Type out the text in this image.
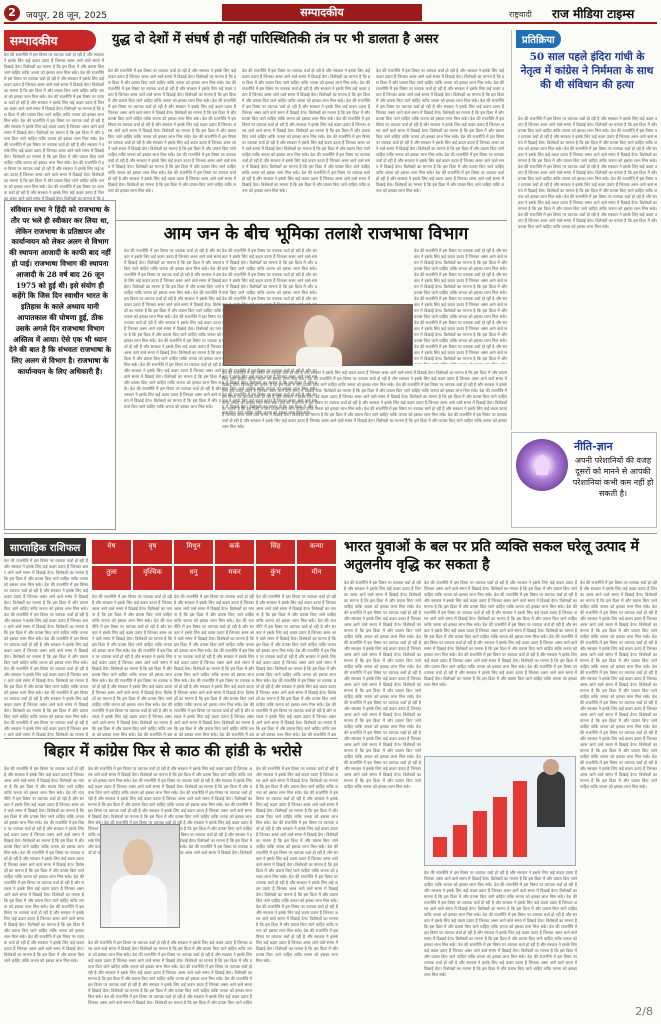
2	जयपुर, 28 जून, 2025	सम्पादकीय	राष्ट्रवादी राज मीडिया टाइम्स
सम्पादकीय
देश की राजनीति में इस विषय पर व्यापक चर्चा हो रही है और सरकार ने इसके लिए कई कदम उठाए हैं जिनका असर आने वाले समय में दिखाई देगा। विशेषज्ञों का मानना है कि इस दिशा में और प्रयास किए जाने चाहिए ताकि जनता को इसका लाभ मिल सके। देश की राजनीति में इस विषय पर व्यापक चर्चा हो रही है और सरकार ने इसके लिए कई कदम उठाए हैं जिनका असर आने वाले समय में दिखाई देगा। विशेषज्ञों का मानना है कि इस दिशा में और प्रयास किए जाने चाहिए ताकि जनता को इसका लाभ मिल सके। देश की राजनीति में इस विषय पर व्यापक चर्चा हो रही है और सरकार ने इसके लिए कई कदम उठाए हैं जिनका असर आने वाले समय में दिखाई देगा। विशेषज्ञों का मानना है कि इस दिशा में और प्रयास किए जाने चाहिए ताकि जनता को इसका लाभ मिल सके। देश की राजनीति में इस विषय पर व्यापक चर्चा हो रही है और सरकार ने इसके लिए कई कदम उठाए हैं जिनका असर आने वाले समय में दिखाई देगा। विशेषज्ञों का मानना है कि इस दिशा में और प्रयास किए जाने चाहिए ताकि जनता को इसका लाभ मिल सके। देश की राजनीति में इस विषय पर व्यापक चर्चा हो रही है और सरकार ने इसके लिए कई कदम उठाए हैं जिनका असर आने वाले समय में दिखाई देगा। विशेषज्ञों का मानना है कि इस दिशा में और प्रयास किए जाने चाहिए ताकि जनता को इसका लाभ मिल सके। देश की राजनीति में इस विषय पर व्यापक चर्चा हो रही है और सरकार ने इसके लिए कई कदम उठाए हैं जिनका असर आने वाले समय में दिखाई देगा। विशेषज्ञों का मानना है कि इस दिशा में और प्रयास किए जाने चाहिए ताकि जनता को इसका लाभ मिल सके। देश की राजनीति में इस विषय पर व्यापक चर्चा हो रही है और सरकार ने इसके लिए कई कदम उठाए हैं जिनका असर आने वाले समय में दिखाई देगा। विशेषज्ञों का मानना है कि इस दिशा में और प्रयास किए जाने चाहिए ताकि जनता को इसका लाभ मिल सके।	युद्ध दो देशों में संघर्ष ही नहीं पारिस्थितिकी तंत्र पर भी डालता है असर
देश की राजनीति में इस विषय पर व्यापक चर्चा हो रही है और सरकार ने इसके लिए कई कदम उठाए हैं जिनका असर आने वाले समय में दिखाई देगा। विशेषज्ञों का मानना है कि इस दिशा में और प्रयास किए जाने चाहिए ताकि जनता को इसका लाभ मिल सके। देश की राजनीति में इस विषय पर व्यापक चर्चा हो रही है और सरकार ने इसके लिए कई कदम उठाए हैं जिनका असर आने वाले समय में दिखाई देगा। विशेषज्ञों का मानना है कि इस दिशा में और प्रयास किए जाने चाहिए ताकि जनता को इसका लाभ मिल सके। देश की राजनीति में इस विषय पर व्यापक चर्चा हो रही है और सरकार ने इसके लिए कई कदम उठाए हैं जिनका असर आने वाले समय में दिखाई देगा। विशेषज्ञों का मानना है कि इस दिशा में और प्रयास किए जाने चाहिए ताकि जनता को इसका लाभ मिल सके। देश की राजनीति में इस विषय पर व्यापक चर्चा हो रही है और सरकार ने इसके लिए कई कदम उठाए हैं जिनका असर आने वाले समय में दिखाई देगा। विशेषज्ञों का मानना है कि इस दिशा में और प्रयास किए जाने चाहिए ताकि जनता को इसका लाभ मिल सके। देश की राजनीति में इस विषय पर व्यापक चर्चा हो रही है और सरकार ने इसके लिए कई कदम उठाए हैं जिनका असर आने वाले समय में दिखाई देगा। विशेषज्ञों का मानना है कि इस दिशा में और प्रयास किए जाने चाहिए ताकि जनता को इसका लाभ मिल सके। देश की राजनीति में इस विषय पर व्यापक चर्चा हो रही है और सरकार ने इसके लिए कई कदम उठाए हैं जिनका असर आने वाले समय में दिखाई देगा। विशेषज्ञों का मानना है कि इस दिशा में और प्रयास किए जाने चाहिए ताकि जनता को इसका लाभ मिल सके। देश की राजनीति में इस विषय पर व्यापक चर्चा हो रही है और सरकार ने इसके लिए कई कदम उठाए हैं जिनका असर आने वाले समय में दिखाई देगा। विशेषज्ञों का मानना है कि इस दिशा में और प्रयास किए जाने चाहिए ताकि जनता को इसका लाभ मिल सके।
देश की राजनीति में इस विषय पर व्यापक चर्चा हो रही है और सरकार ने इसके लिए कई कदम उठाए हैं जिनका असर आने वाले समय में दिखाई देगा। विशेषज्ञों का मानना है कि इस दिशा में और प्रयास किए जाने चाहिए ताकि जनता को इसका लाभ मिल सके। देश की राजनीति में इस विषय पर व्यापक चर्चा हो रही है और सरकार ने इसके लिए कई कदम उठाए हैं जिनका असर आने वाले समय में दिखाई देगा। विशेषज्ञों का मानना है कि इस दिशा में और प्रयास किए जाने चाहिए ताकि जनता को इसका लाभ मिल सके। देश की राजनीति में इस विषय पर व्यापक चर्चा हो रही है और सरकार ने इसके लिए कई कदम उठाए हैं जिनका असर आने वाले समय में दिखाई देगा। विशेषज्ञों का मानना है कि इस दिशा में और प्रयास किए जाने चाहिए ताकि जनता को इसका लाभ मिल सके। देश की राजनीति में इस विषय पर व्यापक चर्चा हो रही है और सरकार ने इसके लिए कई कदम उठाए हैं जिनका असर आने वाले समय में दिखाई देगा। विशेषज्ञों का मानना है कि इस दिशा में और प्रयास किए जाने चाहिए ताकि जनता को इसका लाभ मिल सके। देश की राजनीति में इस विषय पर व्यापक चर्चा हो रही है और सरकार ने इसके लिए कई कदम उठाए हैं जिनका असर आने वाले समय में दिखाई देगा। विशेषज्ञों का मानना है कि इस दिशा में और प्रयास किए जाने चाहिए ताकि जनता को इसका लाभ मिल सके। देश की राजनीति में इस विषय पर व्यापक चर्चा हो रही है और सरकार ने इसके लिए कई कदम उठाए हैं जिनका असर आने वाले समय में दिखाई देगा। विशेषज्ञों का मानना है कि इस दिशा में और प्रयास किए जाने चाहिए ताकि जनता को इसका लाभ मिल सके। देश की राजनीति में इस विषय पर व्यापक चर्चा हो रही है और सरकार ने इसके लिए कई कदम उठाए हैं जिनका असर आने वाले समय में दिखाई देगा। विशेषज्ञों का मानना है कि इस दिशा में और प्रयास किए जाने चाहिए ताकि जनता को इसका लाभ मिल सके।
देश की राजनीति में इस विषय पर व्यापक चर्चा हो रही है और सरकार ने इसके लिए कई कदम उठाए हैं जिनका असर आने वाले समय में दिखाई देगा। विशेषज्ञों का मानना है कि इस दिशा में और प्रयास किए जाने चाहिए ताकि जनता को इसका लाभ मिल सके। देश की राजनीति में इस विषय पर व्यापक चर्चा हो रही है और सरकार ने इसके लिए कई कदम उठाए हैं जिनका असर आने वाले समय में दिखाई देगा। विशेषज्ञों का मानना है कि इस दिशा में और प्रयास किए जाने चाहिए ताकि जनता को इसका लाभ मिल सके। देश की राजनीति में इस विषय पर व्यापक चर्चा हो रही है और सरकार ने इसके लिए कई कदम उठाए हैं जिनका असर आने वाले समय में दिखाई देगा। विशेषज्ञों का मानना है कि इस दिशा में और प्रयास किए जाने चाहिए ताकि जनता को इसका लाभ मिल सके। देश की राजनीति में इस विषय पर व्यापक चर्चा हो रही है और सरकार ने इसके लिए कई कदम उठाए हैं जिनका असर आने वाले समय में दिखाई देगा। विशेषज्ञों का मानना है कि इस दिशा में और प्रयास किए जाने चाहिए ताकि जनता को इसका लाभ मिल सके। देश की राजनीति में इस विषय पर व्यापक चर्चा हो रही है और सरकार ने इसके लिए कई कदम उठाए हैं जिनका असर आने वाले समय में दिखाई देगा। विशेषज्ञों का मानना है कि इस दिशा में और प्रयास किए जाने चाहिए ताकि जनता को इसका लाभ मिल सके। देश की राजनीति में इस विषय पर व्यापक चर्चा हो रही है और सरकार ने इसके लिए कई कदम उठाए हैं जिनका असर आने वाले समय में दिखाई देगा। विशेषज्ञों का मानना है कि इस दिशा में और प्रयास किए जाने चाहिए ताकि जनता को इसका लाभ मिल सके। देश की राजनीति में इस विषय पर व्यापक चर्चा हो रही है और सरकार ने इसके लिए कई कदम उठाए हैं जिनका असर आने वाले समय में दिखाई देगा। विशेषज्ञों का मानना है कि इस दिशा में और प्रयास किए जाने चाहिए ताकि जनता को इसका लाभ मिल सके।	प्रतिक्रिया
50 साल पहले इंदिरा गांधी के नेतृत्व में कांग्रेस ने निर्ममता के साथ की थी संविधान की हत्या
देश की राजनीति में इस विषय पर व्यापक चर्चा हो रही है और सरकार ने इसके लिए कई कदम उठाए हैं जिनका असर आने वाले समय में दिखाई देगा। विशेषज्ञों का मानना है कि इस दिशा में और प्रयास किए जाने चाहिए ताकि जनता को इसका लाभ मिल सके। देश की राजनीति में इस विषय पर व्यापक चर्चा हो रही है और सरकार ने इसके लिए कई कदम उठाए हैं जिनका असर आने वाले समय में दिखाई देगा। विशेषज्ञों का मानना है कि इस दिशा में और प्रयास किए जाने चाहिए ताकि जनता को इसका लाभ मिल सके। देश की राजनीति में इस विषय पर व्यापक चर्चा हो रही है और सरकार ने इसके लिए कई कदम उठाए हैं जिनका असर आने वाले समय में दिखाई देगा। विशेषज्ञों का मानना है कि इस दिशा में और प्रयास किए जाने चाहिए ताकि जनता को इसका लाभ मिल सके। देश की राजनीति में इस विषय पर व्यापक चर्चा हो रही है और सरकार ने इसके लिए कई कदम उठाए हैं जिनका असर आने वाले समय में दिखाई देगा। विशेषज्ञों का मानना है कि इस दिशा में और प्रयास किए जाने चाहिए ताकि जनता को इसका लाभ मिल सके। देश की राजनीति में इस विषय पर व्यापक चर्चा हो रही है और सरकार ने इसके लिए कई कदम उठाए हैं जिनका असर आने वाले समय में दिखाई देगा। विशेषज्ञों का मानना है कि इस दिशा में और प्रयास किए जाने चाहिए ताकि जनता को इसका लाभ मिल सके। देश की राजनीति में इस विषय पर व्यापक चर्चा हो रही है और सरकार ने इसके लिए कई कदम उठाए हैं जिनका असर आने वाले समय में दिखाई देगा। विशेषज्ञों का मानना है कि इस दिशा में और प्रयास किए जाने चाहिए ताकि जनता को इसका लाभ मिल सके। देश की राजनीति में इस विषय पर व्यापक चर्चा हो रही है और सरकार ने इसके लिए कई कदम उठाए हैं जिनका असर आने वाले समय में दिखाई देगा। विशेषज्ञों का मानना है कि इस दिशा में और प्रयास किए जाने चाहिए ताकि जनता को इसका लाभ मिल सके।
संविधान सभा ने हिंदी को राजभाषा के तौर पर भले ही स्वीकार कर लिया था, लेकिन राजभाषा के प्रतिष्ठापन और कार्यान्वयन को लेकर अलग से विभाग की स्थापना आजादी के काफी बाद नहीं हो पाई। राजभाषा विभाग की स्थापना आजादी के 28 वर्ष बाद 26 जून 1975 को हुई थी। इसे संयोग ही कहेंगे कि जिस दिन स्वाधीन भारत के इतिहास के काले अध्याय यानी आपातकाल की घोषणा हुई, ठीक उसके अगले दिन राजभाषा विभाग अस्तित्व में आया। ऐसे एक भी ध्यान देने की बात है कि संभवतः राजभाषा के लिए अलग से विभाग है। राजभाषा के कार्यान्वयन के लिए अधिकारी हैं।
आम जन के बीच भूमिका तलाशे राजभाषा विभाग
देश की राजनीति में इस विषय पर व्यापक चर्चा हो रही है और सरकार ने इसके लिए कई कदम उठाए हैं जिनका असर आने वाले समय में दिखाई देगा। विशेषज्ञों का मानना है कि इस दिशा में और प्रयास किए जाने चाहिए ताकि जनता को इसका लाभ मिल सके। देश की राजनीति में इस विषय पर व्यापक चर्चा हो रही है और सरकार ने इसके लिए कई कदम उठाए हैं जिनका असर आने वाले समय में दिखाई देगा। विशेषज्ञों का मानना है कि इस दिशा में और प्रयास किए जाने चाहिए ताकि जनता को इसका लाभ मिल सके। देश की राजनीति में इस विषय पर व्यापक चर्चा हो रही है और सरकार ने इसके लिए कई कदम उठाए हैं जिनका असर आने वाले समय में दिखाई देगा। विशेषज्ञों का मानना है कि इस दिशा में और प्रयास किए जाने चाहिए ताकि जनता को इसका लाभ मिल सके। देश की राजनीति में इस विषय पर व्यापक चर्चा हो रही है और सरकार ने इसके लिए कई कदम उठाए हैं जिनका असर आने वाले समय में दिखाई देगा। विशेषज्ञों का मानना है कि इस दिशा में और प्रयास किए जाने चाहिए ताकि जनता को इसका लाभ मिल सके। देश की राजनीति में इस विषय पर व्यापक चर्चा हो रही है और सरकार ने इसके लिए कई कदम उठाए हैं जिनका असर आने वाले समय में दिखाई देगा। विशेषज्ञों का मानना है कि इस दिशा में और प्रयास किए जाने चाहिए ताकि जनता को इसका लाभ मिल सके। देश की राजनीति में इस विषय पर व्यापक चर्चा हो रही है और सरकार ने इसके लिए कई कदम उठाए हैं जिनका असर आने वाले समय में दिखाई देगा। विशेषज्ञों का मानना है कि इस दिशा में और प्रयास किए जाने चाहिए ताकि जनता को इसका लाभ मिल सके। देश की राजनीति में इस विषय पर व्यापक चर्चा हो रही है और सरकार ने इसके लिए कई कदम उठाए हैं जिनका असर आने वाले समय में दिखाई देगा। विशेषज्ञों का मानना है कि इस दिशा में और प्रयास किए जाने चाहिए ताकि जनता को इसका लाभ मिल सके।
देश की राजनीति में इस विषय पर व्यापक चर्चा हो रही है और सरकार ने इसके लिए कई कदम उठाए हैं जिनका असर आने वाले समय में दिखाई देगा। विशेषज्ञों का मानना है कि इस दिशा में और प्रयास किए जाने चाहिए ताकि जनता को इसका लाभ मिल सके। देश की राजनीति में इस विषय पर व्यापक चर्चा हो रही है और सरकार ने इसके लिए कई कदम उठाए हैं जिनका असर आने वाले समय में दिखाई देगा। विशेषज्ञों का मानना है कि इस दिशा में और प्रयास किए जाने चाहिए ताकि जनता को इसका लाभ मिल सके। देश की राजनीति में इस विषय पर व्यापक चर्चा हो रही है और सरकार ने इसके लिए कई कदम उठाए हैं जिनका असर आने वाले समय में दिखाई देगा। विशेषज्ञों का मानना है कि इस दिशा में और प्रयास किए जाने चाहिए ताकि जनता को इसका लाभ मिल सके। देश की राजनीति में इस विषय पर व्यापक चर्चा हो रही है और सरकार ने इसके लिए कई कदम उठाए हैं जिनका असर आने वाले समय में दिखाई देगा। विशेषज्ञों का मानना है कि इस दिशा में और प्रयास किए जाने चाहिए ताकि जनता को इसका लाभ मिल सके। देश की राजनीति में इस विषय पर व्यापक चर्चा हो रही है और सरकार ने इसके लिए कई कदम उठाए हैं जिनका असर आने वाले समय में दिखाई देगा। विशेषज्ञों का मानना है कि इस दिशा में और प्रयास किए जाने चाहिए ताकि जनता को इसका लाभ मिल सके। देश की राजनीति में इस विषय पर व्यापक चर्चा हो रही है और सरकार ने इसके लिए कई कदम उठाए हैं जिनका असर आने वाले समय में दिखाई देगा। विशेषज्ञों का मानना है कि इस दिशा में और प्रयास किए जाने चाहिए ताकि जनता को इसका लाभ मिल सके। देश की राजनीति में इस विषय पर व्यापक चर्चा हो रही है और सरकार ने इसके लिए कई कदम उठाए हैं जिनका असर आने वाले समय में दिखाई देगा। विशेषज्ञों का मानना है कि इस दिशा में और प्रयास किए जाने चाहिए ताकि जनता को इसका लाभ मिल सके।
देश की राजनीति में इस विषय पर व्यापक चर्चा हो रही है और सरकार ने इसके लिए कई कदम उठाए हैं जिनका असर आने वाले समय में दिखाई देगा। विशेषज्ञों का मानना है कि इस दिशा में और प्रयास किए जाने चाहिए ताकि जनता को इसका लाभ मिल सके। देश की राजनीति में इस विषय पर व्यापक चर्चा हो रही है और सरकार ने इसके लिए कई कदम उठाए हैं जिनका असर आने वाले समय में दिखाई देगा। विशेषज्ञों का मानना है कि इस दिशा में और प्रयास किए जाने चाहिए ताकि जनता को इसका लाभ मिल सके। देश की राजनीति में इस विषय पर व्यापक चर्चा हो रही है और सरकार ने इसके लिए कई कदम उठाए हैं जिनका असर आने वाले समय में दिखाई देगा। विशेषज्ञों का मानना है कि इस दिशा में और प्रयास किए जाने चाहिए ताकि जनता को इसका लाभ मिल सके। देश की राजनीति में इस विषय पर व्यापक चर्चा हो रही है और सरकार ने इसके लिए कई कदम उठाए हैं जिनका असर आने वाले समय में दिखाई देगा। विशेषज्ञों का मानना है कि इस दिशा में और प्रयास किए जाने चाहिए ताकि जनता को इसका लाभ मिल सके। देश की राजनीति में इस विषय पर व्यापक चर्चा हो रही है और सरकार ने इसके लिए कई कदम उठाए हैं जिनका असर आने वाले समय में दिखाई देगा। विशेषज्ञों का मानना है कि इस दिशा में और प्रयास किए जाने चाहिए ताकि जनता को इसका लाभ मिल सके। देश की राजनीति में इस विषय पर व्यापक चर्चा हो रही है और सरकार ने इसके लिए कई कदम उठाए हैं जिनका असर आने वाले समय में दिखाई देगा। विशेषज्ञों का मानना है कि इस दिशा में और प्रयास किए जाने चाहिए ताकि जनता को इसका लाभ मिल सके। देश की राजनीति में इस विषय पर व्यापक चर्चा हो रही है और सरकार ने इसके लिए कई कदम उठाए हैं जिनका असर आने वाले समय में दिखाई देगा। विशेषज्ञों का मानना है कि इस दिशा में और प्रयास किए जाने चाहिए ताकि जनता को इसका लाभ मिल सके।
देश की राजनीति में इस विषय पर व्यापक चर्चा हो रही है और सरकार ने इसके लिए कई कदम उठाए हैं जिनका असर आने वाले समय में दिखाई देगा। विशेषज्ञों का मानना है कि इस दिशा में और प्रयास किए जाने चाहिए ताकि जनता को इसका लाभ मिल सके। देश की राजनीति में इस विषय पर व्यापक चर्चा हो रही है और सरकार ने इसके लिए कई कदम उठाए हैं जिनका असर आने वाले समय में दिखाई देगा। विशेषज्ञों का मानना है कि इस दिशा में और प्रयास किए जाने चाहिए ताकि जनता को इसका लाभ मिल सके। देश की राजनीति में इस विषय पर व्यापक चर्चा हो रही है और सरकार ने इसके लिए कई कदम उठाए हैं जिनका असर आने वाले समय में दिखाई देगा। विशेषज्ञों का मानना है कि इस दिशा में और प्रयास किए जाने चाहिए ताकि जनता को इसका लाभ मिल सके। देश की राजनीति में इस विषय पर व्यापक चर्चा हो रही है और सरकार ने इसके लिए कई कदम उठाए हैं जिनका असर आने वाले समय में दिखाई देगा। विशेषज्ञों का मानना है कि इस दिशा में और प्रयास किए जाने चाहिए ताकि जनता को इसका लाभ मिल सके। देश की राजनीति में इस विषय पर व्यापक चर्चा हो रही है और सरकार ने इसके लिए कई कदम उठाए हैं जिनका असर आने वाले समय में दिखाई देगा। विशेषज्ञों का मानना है कि इस दिशा में और प्रयास किए जाने चाहिए ताकि जनता को इसका लाभ मिल सके। देश की राजनीति में इस विषय पर व्यापक चर्चा हो रही है और सरकार ने इसके लिए कई कदम उठाए हैं जिनका असर आने वाले समय में दिखाई देगा। विशेषज्ञों का मानना है कि इस दिशा में और प्रयास किए जाने चाहिए ताकि जनता को इसका लाभ मिल सके। देश की राजनीति में इस विषय पर व्यापक चर्चा हो रही है और सरकार ने इसके लिए कई कदम उठाए हैं जिनका असर आने वाले समय में दिखाई देगा। विशेषज्ञों का मानना है कि इस दिशा में और प्रयास किए जाने चाहिए ताकि जनता को इसका लाभ मिल सके।
नीति-ज्ञान
अपनी परेशानियों की वजह दूसरों को मानने से आपकी परेशानियां कभी कम नहीं हो सकती है।
साप्ताहिक राशिफल
देश की राजनीति में इस विषय पर व्यापक चर्चा हो रही है और सरकार ने इसके लिए कई कदम उठाए हैं जिनका असर आने वाले समय में दिखाई देगा। विशेषज्ञों का मानना है कि इस दिशा में और प्रयास किए जाने चाहिए ताकि जनता को इसका लाभ मिल सके। देश की राजनीति में इस विषय पर व्यापक चर्चा हो रही है और सरकार ने इसके लिए कई कदम उठाए हैं जिनका असर आने वाले समय में दिखाई देगा। विशेषज्ञों का मानना है कि इस दिशा में और प्रयास किए जाने चाहिए ताकि जनता को इसका लाभ मिल सके। देश की राजनीति में इस विषय पर व्यापक चर्चा हो रही है और सरकार ने इसके लिए कई कदम उठाए हैं जिनका असर आने वाले समय में दिखाई देगा। विशेषज्ञों का मानना है कि इस दिशा में और प्रयास किए जाने चाहिए ताकि जनता को इसका लाभ मिल सके। देश की राजनीति में इस विषय पर व्यापक चर्चा हो रही है और सरकार ने इसके लिए कई कदम उठाए हैं जिनका असर आने वाले समय में दिखाई देगा। विशेषज्ञों का मानना है कि इस दिशा में और प्रयास किए जाने चाहिए ताकि जनता को इसका लाभ मिल सके। देश की राजनीति में इस विषय पर व्यापक चर्चा हो रही है और सरकार ने इसके लिए कई कदम उठाए हैं जिनका असर आने वाले समय में दिखाई देगा। विशेषज्ञों का मानना है कि इस दिशा में और प्रयास किए जाने चाहिए ताकि जनता को इसका लाभ मिल सके। देश की राजनीति में इस विषय पर व्यापक चर्चा हो रही है और सरकार ने इसके लिए कई कदम उठाए हैं जिनका असर आने वाले समय में दिखाई देगा। विशेषज्ञों का मानना है कि इस दिशा में और प्रयास किए जाने चाहिए ताकि जनता को इसका लाभ मिल सके। देश की राजनीति में इस विषय पर व्यापक चर्चा हो रही है और सरकार ने इसके लिए कई कदम उठाए हैं जिनका असर आने वाले समय में दिखाई देगा। विशेषज्ञों का मानना है कि इस दिशा में और प्रयास किए जाने चाहिए ताकि जनता को इसका लाभ मिल सके।	मेष	वृष	मिथुन	कर्क	सिंह	कन्या
तुला	वृश्चिक	धनु	मकर	कुंभ	मीन
देश की राजनीति में इस विषय पर व्यापक चर्चा हो रही है और सरकार ने इसके लिए कई कदम उठाए हैं जिनका असर आने वाले समय में दिखाई देगा। विशेषज्ञों का मानना है कि इस दिशा में और प्रयास किए जाने चाहिए ताकि जनता को इसका लाभ मिल सके। देश की राजनीति में इस विषय पर व्यापक चर्चा हो रही है और सरकार ने इसके लिए कई कदम उठाए हैं जिनका असर आने वाले समय में दिखाई देगा। विशेषज्ञों का मानना है कि इस दिशा में और प्रयास किए जाने चाहिए ताकि जनता को इसका लाभ मिल सके। देश की राजनीति में इस विषय पर व्यापक चर्चा हो रही है और सरकार ने इसके लिए कई कदम उठाए हैं जिनका असर आने वाले समय में दिखाई देगा। विशेषज्ञों का मानना है कि इस दिशा में और प्रयास किए जाने चाहिए ताकि जनता को इसका लाभ मिल सके। देश की राजनीति में इस विषय पर व्यापक चर्चा हो रही है और सरकार ने इसके लिए कई कदम उठाए हैं जिनका असर आने वाले समय में दिखाई देगा। विशेषज्ञों का मानना है कि इस दिशा में और प्रयास किए जाने चाहिए ताकि जनता को इसका लाभ मिल सके। देश की राजनीति में इस विषय पर व्यापक चर्चा हो रही है और सरकार ने इसके लिए कई कदम उठाए हैं जिनका असर आने वाले समय में दिखाई देगा। विशेषज्ञों का मानना है कि इस दिशा में और प्रयास किए जाने चाहिए ताकि जनता को इसका लाभ मिल सके। देश की राजनीति में इस विषय पर व्यापक चर्चा हो रही है और सरकार ने इसके लिए कई कदम उठाए हैं जिनका असर आने वाले समय में दिखाई देगा। विशेषज्ञों का मानना है कि इस दिशा में और प्रयास किए जाने चाहिए ताकि जनता को इसका लाभ मिल सके। देश की राजनीति में इस विषय पर व्यापक चर्चा हो रही है और सरकार ने इसके लिए कई कदम उठाए हैं जिनका असर आने वाले समय में दिखाई देगा। विशेषज्ञों का मानना है कि इस दिशा में और प्रयास किए जाने चाहिए ताकि जनता को इसका लाभ मिल सके।
देश की राजनीति में इस विषय पर व्यापक चर्चा हो रही है और सरकार ने इसके लिए कई कदम उठाए हैं जिनका असर आने वाले समय में दिखाई देगा। विशेषज्ञों का मानना है कि इस दिशा में और प्रयास किए जाने चाहिए ताकि जनता को इसका लाभ मिल सके। देश की राजनीति में इस विषय पर व्यापक चर्चा हो रही है और सरकार ने इसके लिए कई कदम उठाए हैं जिनका असर आने वाले समय में दिखाई देगा। विशेषज्ञों का मानना है कि इस दिशा में और प्रयास किए जाने चाहिए ताकि जनता को इसका लाभ मिल सके। देश की राजनीति में इस विषय पर व्यापक चर्चा हो रही है और सरकार ने इसके लिए कई कदम उठाए हैं जिनका असर आने वाले समय में दिखाई देगा। विशेषज्ञों का मानना है कि इस दिशा में और प्रयास किए जाने चाहिए ताकि जनता को इसका लाभ मिल सके। देश की राजनीति में इस विषय पर व्यापक चर्चा हो रही है और सरकार ने इसके लिए कई कदम उठाए हैं जिनका असर आने वाले समय में दिखाई देगा। विशेषज्ञों का मानना है कि इस दिशा में और प्रयास किए जाने चाहिए ताकि जनता को इसका लाभ मिल सके। देश की राजनीति में इस विषय पर व्यापक चर्चा हो रही है और सरकार ने इसके लिए कई कदम उठाए हैं जिनका असर आने वाले समय में दिखाई देगा। विशेषज्ञों का मानना है कि इस दिशा में और प्रयास किए जाने चाहिए ताकि जनता को इसका लाभ मिल सके। देश की राजनीति में इस विषय पर व्यापक चर्चा हो रही है और सरकार ने इसके लिए कई कदम उठाए हैं जिनका असर आने वाले समय में दिखाई देगा। विशेषज्ञों का मानना है कि इस दिशा में और प्रयास किए जाने चाहिए ताकि जनता को इसका लाभ मिल सके। देश की राजनीति में इस विषय पर व्यापक चर्चा हो रही है और सरकार ने इसके लिए कई कदम उठाए हैं जिनका असर आने वाले समय में दिखाई देगा। विशेषज्ञों का मानना है कि इस दिशा में और प्रयास किए जाने चाहिए ताकि जनता को इसका लाभ मिल सके।
देश की राजनीति में इस विषय पर व्यापक चर्चा हो रही है और सरकार ने इसके लिए कई कदम उठाए हैं जिनका असर आने वाले समय में दिखाई देगा। विशेषज्ञों का मानना है कि इस दिशा में और प्रयास किए जाने चाहिए ताकि जनता को इसका लाभ मिल सके। देश की राजनीति में इस विषय पर व्यापक चर्चा हो रही है और सरकार ने इसके लिए कई कदम उठाए हैं जिनका असर आने वाले समय में दिखाई देगा। विशेषज्ञों का मानना है कि इस दिशा में और प्रयास किए जाने चाहिए ताकि जनता को इसका लाभ मिल सके। देश की राजनीति में इस विषय पर व्यापक चर्चा हो रही है और सरकार ने इसके लिए कई कदम उठाए हैं जिनका असर आने वाले समय में दिखाई देगा। विशेषज्ञों का मानना है कि इस दिशा में और प्रयास किए जाने चाहिए ताकि जनता को इसका लाभ मिल सके। देश की राजनीति में इस विषय पर व्यापक चर्चा हो रही है और सरकार ने इसके लिए कई कदम उठाए हैं जिनका असर आने वाले समय में दिखाई देगा। विशेषज्ञों का मानना है कि इस दिशा में और प्रयास किए जाने चाहिए ताकि जनता को इसका लाभ मिल सके। देश की राजनीति में इस विषय पर व्यापक चर्चा हो रही है और सरकार ने इसके लिए कई कदम उठाए हैं जिनका असर आने वाले समय में दिखाई देगा। विशेषज्ञों का मानना है कि इस दिशा में और प्रयास किए जाने चाहिए ताकि जनता को इसका लाभ मिल सके। देश की राजनीति में इस विषय पर व्यापक चर्चा हो रही है और सरकार ने इसके लिए कई कदम उठाए हैं जिनका असर आने वाले समय में दिखाई देगा। विशेषज्ञों का मानना है कि इस दिशा में और प्रयास किए जाने चाहिए ताकि जनता को इसका लाभ मिल सके। देश की राजनीति में इस विषय पर व्यापक चर्चा हो रही है और सरकार ने इसके लिए कई कदम उठाए हैं जिनका असर आने वाले समय में दिखाई देगा। विशेषज्ञों का मानना है कि इस दिशा में और प्रयास किए जाने चाहिए ताकि जनता को इसका लाभ मिल सके।
भारत युवाओं के बल पर प्रति व्यक्ति सकल घरेलू उत्पाद में अतुलनीय वृद्धि कर सकता है
देश की राजनीति में इस विषय पर व्यापक चर्चा हो रही है और सरकार ने इसके लिए कई कदम उठाए हैं जिनका असर आने वाले समय में दिखाई देगा। विशेषज्ञों का मानना है कि इस दिशा में और प्रयास किए जाने चाहिए ताकि जनता को इसका लाभ मिल सके। देश की राजनीति में इस विषय पर व्यापक चर्चा हो रही है और सरकार ने इसके लिए कई कदम उठाए हैं जिनका असर आने वाले समय में दिखाई देगा। विशेषज्ञों का मानना है कि इस दिशा में और प्रयास किए जाने चाहिए ताकि जनता को इसका लाभ मिल सके। देश की राजनीति में इस विषय पर व्यापक चर्चा हो रही है और सरकार ने इसके लिए कई कदम उठाए हैं जिनका असर आने वाले समय में दिखाई देगा। विशेषज्ञों का मानना है कि इस दिशा में और प्रयास किए जाने चाहिए ताकि जनता को इसका लाभ मिल सके। देश की राजनीति में इस विषय पर व्यापक चर्चा हो रही है और सरकार ने इसके लिए कई कदम उठाए हैं जिनका असर आने वाले समय में दिखाई देगा। विशेषज्ञों का मानना है कि इस दिशा में और प्रयास किए जाने चाहिए ताकि जनता को इसका लाभ मिल सके। देश की राजनीति में इस विषय पर व्यापक चर्चा हो रही है और सरकार ने इसके लिए कई कदम उठाए हैं जिनका असर आने वाले समय में दिखाई देगा। विशेषज्ञों का मानना है कि इस दिशा में और प्रयास किए जाने चाहिए ताकि जनता को इसका लाभ मिल सके। देश की राजनीति में इस विषय पर व्यापक चर्चा हो रही है और सरकार ने इसके लिए कई कदम उठाए हैं जिनका असर आने वाले समय में दिखाई देगा। विशेषज्ञों का मानना है कि इस दिशा में और प्रयास किए जाने चाहिए ताकि जनता को इसका लाभ मिल सके। देश की राजनीति में इस विषय पर व्यापक चर्चा हो रही है और सरकार ने इसके लिए कई कदम उठाए हैं जिनका असर आने वाले समय में दिखाई देगा। विशेषज्ञों का मानना है कि इस दिशा में और प्रयास किए जाने चाहिए ताकि जनता को इसका लाभ मिल सके।
देश की राजनीति में इस विषय पर व्यापक चर्चा हो रही है और सरकार ने इसके लिए कई कदम उठाए हैं जिनका असर आने वाले समय में दिखाई देगा। विशेषज्ञों का मानना है कि इस दिशा में और प्रयास किए जाने चाहिए ताकि जनता को इसका लाभ मिल सके। देश की राजनीति में इस विषय पर व्यापक चर्चा हो रही है और सरकार ने इसके लिए कई कदम उठाए हैं जिनका असर आने वाले समय में दिखाई देगा। विशेषज्ञों का मानना है कि इस दिशा में और प्रयास किए जाने चाहिए ताकि जनता को इसका लाभ मिल सके। देश की राजनीति में इस विषय पर व्यापक चर्चा हो रही है और सरकार ने इसके लिए कई कदम उठाए हैं जिनका असर आने वाले समय में दिखाई देगा। विशेषज्ञों का मानना है कि इस दिशा में और प्रयास किए जाने चाहिए ताकि जनता को इसका लाभ मिल सके। देश की राजनीति में इस विषय पर व्यापक चर्चा हो रही है और सरकार ने इसके लिए कई कदम उठाए हैं जिनका असर आने वाले समय में दिखाई देगा। विशेषज्ञों का मानना है कि इस दिशा में और प्रयास किए जाने चाहिए ताकि जनता को इसका लाभ मिल सके। देश की राजनीति में इस विषय पर व्यापक चर्चा हो रही है और सरकार ने इसके लिए कई कदम उठाए हैं जिनका असर आने वाले समय में दिखाई देगा। विशेषज्ञों का मानना है कि इस दिशा में और प्रयास किए जाने चाहिए ताकि जनता को इसका लाभ मिल सके। देश की राजनीति में इस विषय पर व्यापक चर्चा हो रही है और सरकार ने इसके लिए कई कदम उठाए हैं जिनका असर आने वाले समय में दिखाई देगा। विशेषज्ञों का मानना है कि इस दिशा में और प्रयास किए जाने चाहिए ताकि जनता को इसका लाभ मिल सके। देश की राजनीति में इस विषय पर व्यापक चर्चा हो रही है और सरकार ने इसके लिए कई कदम उठाए हैं जिनका असर आने वाले समय में दिखाई देगा। विशेषज्ञों का मानना है कि इस दिशा में और प्रयास किए जाने चाहिए ताकि जनता को इसका लाभ मिल सके।
देश की राजनीति में इस विषय पर व्यापक चर्चा हो रही है और सरकार ने इसके लिए कई कदम उठाए हैं जिनका असर आने वाले समय में दिखाई देगा। विशेषज्ञों का मानना है कि इस दिशा में और प्रयास किए जाने चाहिए ताकि जनता को इसका लाभ मिल सके। देश की राजनीति में इस विषय पर व्यापक चर्चा हो रही है और सरकार ने इसके लिए कई कदम उठाए हैं जिनका असर आने वाले समय में दिखाई देगा। विशेषज्ञों का मानना है कि इस दिशा में और प्रयास किए जाने चाहिए ताकि जनता को इसका लाभ मिल सके। देश की राजनीति में इस विषय पर व्यापक चर्चा हो रही है और सरकार ने इसके लिए कई कदम उठाए हैं जिनका असर आने वाले समय में दिखाई देगा। विशेषज्ञों का मानना है कि इस दिशा में और प्रयास किए जाने चाहिए ताकि जनता को इसका लाभ मिल सके। देश की राजनीति में इस विषय पर व्यापक चर्चा हो रही है और सरकार ने इसके लिए कई कदम उठाए हैं जिनका असर आने वाले समय में दिखाई देगा। विशेषज्ञों का मानना है कि इस दिशा में और प्रयास किए जाने चाहिए ताकि जनता को इसका लाभ मिल सके। देश की राजनीति में इस विषय पर व्यापक चर्चा हो रही है और सरकार ने इसके लिए कई कदम उठाए हैं जिनका असर आने वाले समय में दिखाई देगा। विशेषज्ञों का मानना है कि इस दिशा में और प्रयास किए जाने चाहिए ताकि जनता को इसका लाभ मिल सके। देश की राजनीति में इस विषय पर व्यापक चर्चा हो रही है और सरकार ने इसके लिए कई कदम उठाए हैं जिनका असर आने वाले समय में दिखाई देगा। विशेषज्ञों का मानना है कि इस दिशा में और प्रयास किए जाने चाहिए ताकि जनता को इसका लाभ मिल सके। देश की राजनीति में इस विषय पर व्यापक चर्चा हो रही है और सरकार ने इसके लिए कई कदम उठाए हैं जिनका असर आने वाले समय में दिखाई देगा। विशेषज्ञों का मानना है कि इस दिशा में और प्रयास किए जाने चाहिए ताकि जनता को इसका लाभ मिल सके।
देश की राजनीति में इस विषय पर व्यापक चर्चा हो रही है और सरकार ने इसके लिए कई कदम उठाए हैं जिनका असर आने वाले समय में दिखाई देगा। विशेषज्ञों का मानना है कि इस दिशा में और प्रयास किए जाने चाहिए ताकि जनता को इसका लाभ मिल सके। देश की राजनीति में इस विषय पर व्यापक चर्चा हो रही है और सरकार ने इसके लिए कई कदम उठाए हैं जिनका असर आने वाले समय में दिखाई देगा। विशेषज्ञों का मानना है कि इस दिशा में और प्रयास किए जाने चाहिए ताकि जनता को इसका लाभ मिल सके। देश की राजनीति में इस विषय पर व्यापक चर्चा हो रही है और सरकार ने इसके लिए कई कदम उठाए हैं जिनका असर आने वाले समय में दिखाई देगा। विशेषज्ञों का मानना है कि इस दिशा में और प्रयास किए जाने चाहिए ताकि जनता को इसका लाभ मिल सके। देश की राजनीति में इस विषय पर व्यापक चर्चा हो रही है और सरकार ने इसके लिए कई कदम उठाए हैं जिनका असर आने वाले समय में दिखाई देगा। विशेषज्ञों का मानना है कि इस दिशा में और प्रयास किए जाने चाहिए ताकि जनता को इसका लाभ मिल सके। देश की राजनीति में इस विषय पर व्यापक चर्चा हो रही है और सरकार ने इसके लिए कई कदम उठाए हैं जिनका असर आने वाले समय में दिखाई देगा। विशेषज्ञों का मानना है कि इस दिशा में और प्रयास किए जाने चाहिए ताकि जनता को इसका लाभ मिल सके। देश की राजनीति में इस विषय पर व्यापक चर्चा हो रही है और सरकार ने इसके लिए कई कदम उठाए हैं जिनका असर आने वाले समय में दिखाई देगा। विशेषज्ञों का मानना है कि इस दिशा में और प्रयास किए जाने चाहिए ताकि जनता को इसका लाभ मिल सके। देश की राजनीति में इस विषय पर व्यापक चर्चा हो रही है और सरकार ने इसके लिए कई कदम उठाए हैं जिनका असर आने वाले समय में दिखाई देगा। विशेषज्ञों का मानना है कि इस दिशा में और प्रयास किए जाने चाहिए ताकि जनता को इसका लाभ मिल सके।
बिहार में कांग्रेस फिर से काठ की हांडी के भरोसे
देश की राजनीति में इस विषय पर व्यापक चर्चा हो रही है और सरकार ने इसके लिए कई कदम उठाए हैं जिनका असर आने वाले समय में दिखाई देगा। विशेषज्ञों का मानना है कि इस दिशा में और प्रयास किए जाने चाहिए ताकि जनता को इसका लाभ मिल सके। देश की राजनीति में इस विषय पर व्यापक चर्चा हो रही है और सरकार ने इसके लिए कई कदम उठाए हैं जिनका असर आने वाले समय में दिखाई देगा। विशेषज्ञों का मानना है कि इस दिशा में और प्रयास किए जाने चाहिए ताकि जनता को इसका लाभ मिल सके। देश की राजनीति में इस विषय पर व्यापक चर्चा हो रही है और सरकार ने इसके लिए कई कदम उठाए हैं जिनका असर आने वाले समय में दिखाई देगा। विशेषज्ञों का मानना है कि इस दिशा में और प्रयास किए जाने चाहिए ताकि जनता को इसका लाभ मिल सके। देश की राजनीति में इस विषय पर व्यापक चर्चा हो रही है और सरकार ने इसके लिए कई कदम उठाए हैं जिनका असर आने वाले समय में दिखाई देगा। विशेषज्ञों का मानना है कि इस दिशा में और प्रयास किए जाने चाहिए ताकि जनता को इसका लाभ मिल सके। देश की राजनीति में इस विषय पर व्यापक चर्चा हो रही है और सरकार ने इसके लिए कई कदम उठाए हैं जिनका असर आने वाले समय में दिखाई देगा। विशेषज्ञों का मानना है कि इस दिशा में और प्रयास किए जाने चाहिए ताकि जनता को इसका लाभ मिल सके। देश की राजनीति में इस विषय पर व्यापक चर्चा हो रही है और सरकार ने इसके लिए कई कदम उठाए हैं जिनका असर आने वाले समय में दिखाई देगा। विशेषज्ञों का मानना है कि इस दिशा में और प्रयास किए जाने चाहिए ताकि जनता को इसका लाभ मिल सके। देश की राजनीति में इस विषय पर व्यापक चर्चा हो रही है और सरकार ने इसके लिए कई कदम उठाए हैं जिनका असर आने वाले समय में दिखाई देगा। विशेषज्ञों का मानना है कि इस दिशा में और प्रयास किए जाने चाहिए ताकि जनता को इसका लाभ मिल सके।
देश की राजनीति में इस विषय पर व्यापक चर्चा हो रही है और सरकार ने इसके लिए कई कदम उठाए हैं जिनका असर आने वाले समय में दिखाई देगा। विशेषज्ञों का मानना है कि इस दिशा में और प्रयास किए जाने चाहिए ताकि जनता को इसका लाभ मिल सके। देश की राजनीति में इस विषय पर व्यापक चर्चा हो रही है और सरकार ने इसके लिए कई कदम उठाए हैं जिनका असर आने वाले समय में दिखाई देगा। विशेषज्ञों का मानना है कि इस दिशा में और प्रयास किए जाने चाहिए ताकि जनता को इसका लाभ मिल सके। देश की राजनीति में इस विषय पर व्यापक चर्चा हो रही है और सरकार ने इसके लिए कई कदम उठाए हैं जिनका असर आने वाले समय में दिखाई देगा। विशेषज्ञों का मानना है कि इस दिशा में और प्रयास किए जाने चाहिए ताकि जनता को इसका लाभ मिल सके। देश की राजनीति में इस विषय पर व्यापक चर्चा हो रही है और सरकार ने इसके लिए कई कदम उठाए हैं जिनका असर आने वाले समय में दिखाई देगा। विशेषज्ञों का मानना है कि इस दिशा में और प्रयास किए जाने चाहिए ताकि जनता को इसका लाभ मिल सके। देश की राजनीति में इस विषय पर व्यापक चर्चा हो रही है और सरकार ने इसके लिए कई कदम उठाए हैं जिनका असर आने वाले समय में दिखाई देगा। विशेषज्ञों का मानना है कि इस दिशा में और प्रयास किए जाने चाहिए ताकि जनता को इसका लाभ मिल सके। देश की राजनीति में इस विषय पर व्यापक चर्चा हो रही है और सरकार ने इसके लिए कई कदम उठाए हैं जिनका असर आने वाले समय में दिखाई देगा। विशेषज्ञों का मानना है कि इस दिशा में और प्रयास किए जाने चाहिए ताकि जनता को इसका लाभ मिल सके। देश की राजनीति में इस विषय पर व्यापक चर्चा हो रही है और सरकार ने इसके लिए कई कदम उठाए हैं जिनका असर आने वाले समय में दिखाई देगा। विशेषज्ञों का मानना है कि इस दिशा में और प्रयास किए जाने चाहिए ताकि जनता को इसका लाभ मिल सके।
देश की राजनीति में इस विषय पर व्यापक चर्चा हो रही है और सरकार ने इसके लिए कई कदम उठाए हैं जिनका असर आने वाले समय में दिखाई देगा। विशेषज्ञों का मानना है कि इस दिशा में और प्रयास किए जाने चाहिए ताकि जनता को इसका लाभ मिल सके। देश की राजनीति में इस विषय पर व्यापक चर्चा हो रही है और सरकार ने इसके लिए कई कदम उठाए हैं जिनका असर आने वाले समय में दिखाई देगा। विशेषज्ञों का मानना है कि इस दिशा में और प्रयास किए जाने चाहिए ताकि जनता को इसका लाभ मिल सके। देश की राजनीति में इस विषय पर व्यापक चर्चा हो रही है और सरकार ने इसके लिए कई कदम उठाए हैं जिनका असर आने वाले समय में दिखाई देगा। विशेषज्ञों का मानना है कि इस दिशा में और प्रयास किए जाने चाहिए ताकि जनता को इसका लाभ मिल सके। देश की राजनीति में इस विषय पर व्यापक चर्चा हो रही है और सरकार ने इसके लिए कई कदम उठाए हैं जिनका असर आने वाले समय में दिखाई देगा। विशेषज्ञों का मानना है कि इस दिशा में और प्रयास किए जाने चाहिए ताकि जनता को इसका लाभ मिल सके। देश की राजनीति में इस विषय पर व्यापक चर्चा हो रही है और सरकार ने इसके लिए कई कदम उठाए हैं जिनका असर आने वाले समय में दिखाई देगा। विशेषज्ञों का मानना है कि इस दिशा में और प्रयास किए जाने चाहिए ताकि जनता को इसका लाभ मिल सके। देश की राजनीति में इस विषय पर व्यापक चर्चा हो रही है और सरकार ने इसके लिए कई कदम उठाए हैं जिनका असर आने वाले समय में दिखाई देगा। विशेषज्ञों का मानना है कि इस दिशा में और प्रयास किए जाने चाहिए ताकि जनता को इसका लाभ मिल सके। देश की राजनीति में इस विषय पर व्यापक चर्चा हो रही है और सरकार ने इसके लिए कई कदम उठाए हैं जिनका असर आने वाले समय में दिखाई देगा। विशेषज्ञों का मानना है कि इस दिशा में और प्रयास किए जाने चाहिए ताकि जनता को इसका लाभ मिल सके।
देश की राजनीति में इस विषय पर व्यापक चर्चा हो रही है और सरकार ने इसके लिए कई कदम उठाए हैं जिनका असर आने वाले समय में दिखाई देगा। विशेषज्ञों का मानना है कि इस दिशा में और प्रयास किए जाने चाहिए ताकि जनता को इसका लाभ मिल सके। देश की राजनीति में इस विषय पर व्यापक चर्चा हो रही है और सरकार ने इसके लिए कई कदम उठाए हैं जिनका असर आने वाले समय में दिखाई देगा। विशेषज्ञों का मानना है कि इस दिशा में और प्रयास किए जाने चाहिए ताकि जनता को इसका लाभ मिल सके। देश की राजनीति में इस विषय पर व्यापक चर्चा हो रही है और सरकार ने इसके लिए कई कदम उठाए हैं जिनका असर आने वाले समय में दिखाई देगा। विशेषज्ञों का मानना है कि इस दिशा में और प्रयास किए जाने चाहिए ताकि जनता को इसका लाभ मिल सके। देश की राजनीति में इस विषय पर व्यापक चर्चा हो रही है और सरकार ने इसके लिए कई कदम उठाए हैं जिनका असर आने वाले समय में दिखाई देगा। विशेषज्ञों का मानना है कि इस दिशा में और प्रयास किए जाने चाहिए ताकि जनता को इसका लाभ मिल सके। देश की राजनीति में इस विषय पर व्यापक चर्चा हो रही है और सरकार ने इसके लिए कई कदम उठाए हैं जिनका असर आने वाले समय में दिखाई देगा। विशेषज्ञों का मानना है कि इस दिशा में और प्रयास किए जाने चाहिए ताकि जनता को इसका लाभ मिल सके। देश की राजनीति में इस विषय पर व्यापक चर्चा हो रही है और सरकार ने इसके लिए कई कदम उठाए हैं जिनका असर आने वाले समय में दिखाई देगा। विशेषज्ञों का मानना है कि इस दिशा में और प्रयास किए जाने चाहिए ताकि जनता को इसका लाभ मिल सके। देश की राजनीति में इस विषय पर व्यापक चर्चा हो रही है और सरकार ने इसके लिए कई कदम उठाए हैं जिनका असर आने वाले समय में दिखाई देगा। विशेषज्ञों का मानना है कि इस दिशा में और प्रयास किए जाने चाहिए ताकि जनता को इसका लाभ मिल सके।
2/8
